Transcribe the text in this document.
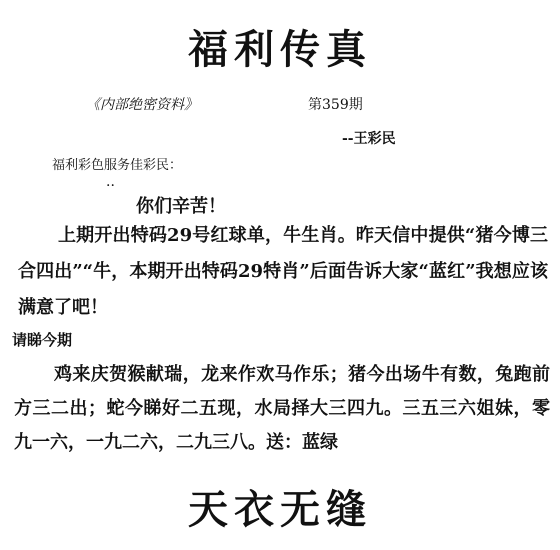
福利传真
《内部绝密资料》	第359期
--王彩民
福利彩色服务佳彩民：
··
你们辛苦！
上期开出特码29号红球单，牛生肖。昨天信中提供“猪今博三合四出”“牛，本期开出特码29特肖”后面告诉大家“蓝红”我想应该满意了吧！
请睇今期
鸡来庆贺猴献瑞，龙来作欢马作乐；猪今出场牛有数，兔跑前方三二出；蛇今睇好二五现，水局择大三四九。三五三六姐妹，零九一六，一九二六，二九三八。送：蓝绿
天衣无缝
